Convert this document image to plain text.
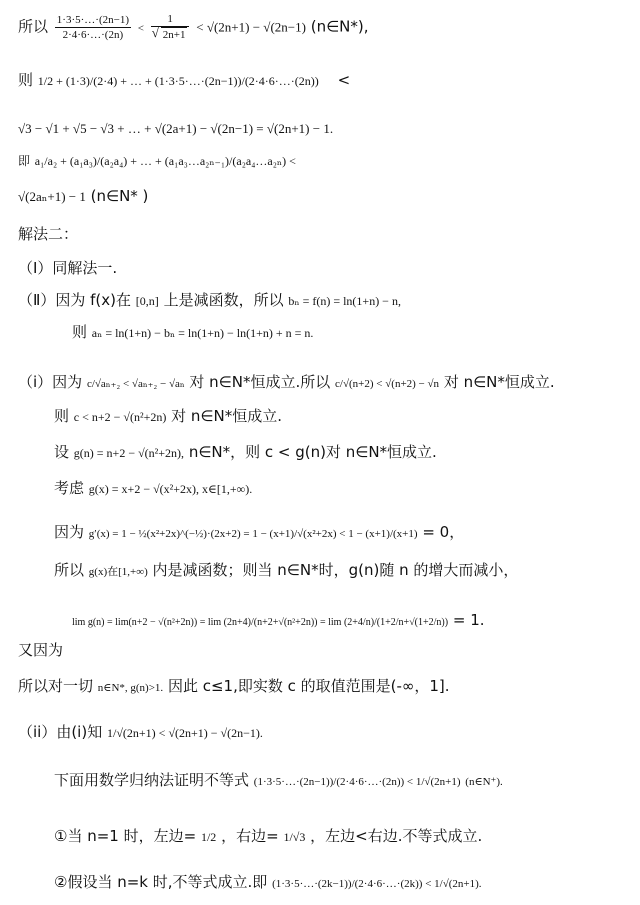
所以 $\frac{1\cdot 3\cdot 5\cdot\dots\cdot(2n-1)}{2\cdot 4\cdot 6\cdot\dots\cdot(2n)} < 1$
√ 2n+1 < √(2n+1) − √(2n−1) (n∈N*),
则 1/2 + (1·3)/(2·4) + … + (1·3·5·…·(2n−1))/(2·4·6·…·(2n)) <
√3 − √1 + √5 − √3 + … + √(2a+1) − √(2n−1) = √(2n+1) − 1.
即 a₁/a₂ + (a₁a₃)/(a₂a₄) + … + (a₁a₃…a₂ₙ₋₁)/(a₂a₄…a₂ₙ) <
√(2aₙ+1) − 1 (n∈N* )
解法二：
（Ⅰ）同解法一.
（Ⅱ）因为 f(x)在 [0,n] 上是减函数，所以 bₙ = f(n) = ln(1+n) − n,
则 aₙ = ln(1+n) − bₙ = ln(1+n) − ln(1+n) + n = n.
（i）因为 c/√aₙ₊₂ < √aₙ₊₂ − √aₙ 对 n∈N*恒成立.所以 c/√(n+2) < √(n+2) − √n 对 n∈N*恒成立.
则 c < n+2 − √(n²+2n) 对 n∈N*恒成立.
设 g(n) = n+2 − √(n²+2n), n∈N*，则 c < g(n)对 n∈N*恒成立.
考虑 g(x) = x+2 − √(x²+2x), x∈[1,+∞).
因为 g′(x) = 1 − ½(x²+2x)^(−½)·(2x+2) = 1 − (x+1)/√(x²+2x) < 1 − (x+1)/(x+1) = 0，
所以 g(x)在[1,+∞) 内是减函数；则当 n∈N*时，g(n)随 n 的增大而减小，
lim g(n) = lim(n+2 − √(n²+2n)) = lim (2n+4)/(n+2+√(n²+2n)) = lim (2+4/n)/(1+2/n+√(1+2/n)) = 1.
又因为
所以对一切 n∈N*, g(n)>1. 因此 c≤1,即实数 c 的取值范围是(-∞，1].
（ii）由(ⅰ)知 1/√(2n+1) < √(2n+1) − √(2n−1).
下面用数学归纳法证明不等式 (1·3·5·…·(2n−1))/(2·4·6·…·(2n)) < 1/√(2n+1) (n∈N⁺).
①当 n=1 时，左边= 1/2 ，右边= 1/√3 ，左边<右边.不等式成立.
②假设当 n=k 时,不等式成立.即 (1·3·5·…·(2k−1))/(2·4·6·…·(2k)) < 1/√(2n+1).
